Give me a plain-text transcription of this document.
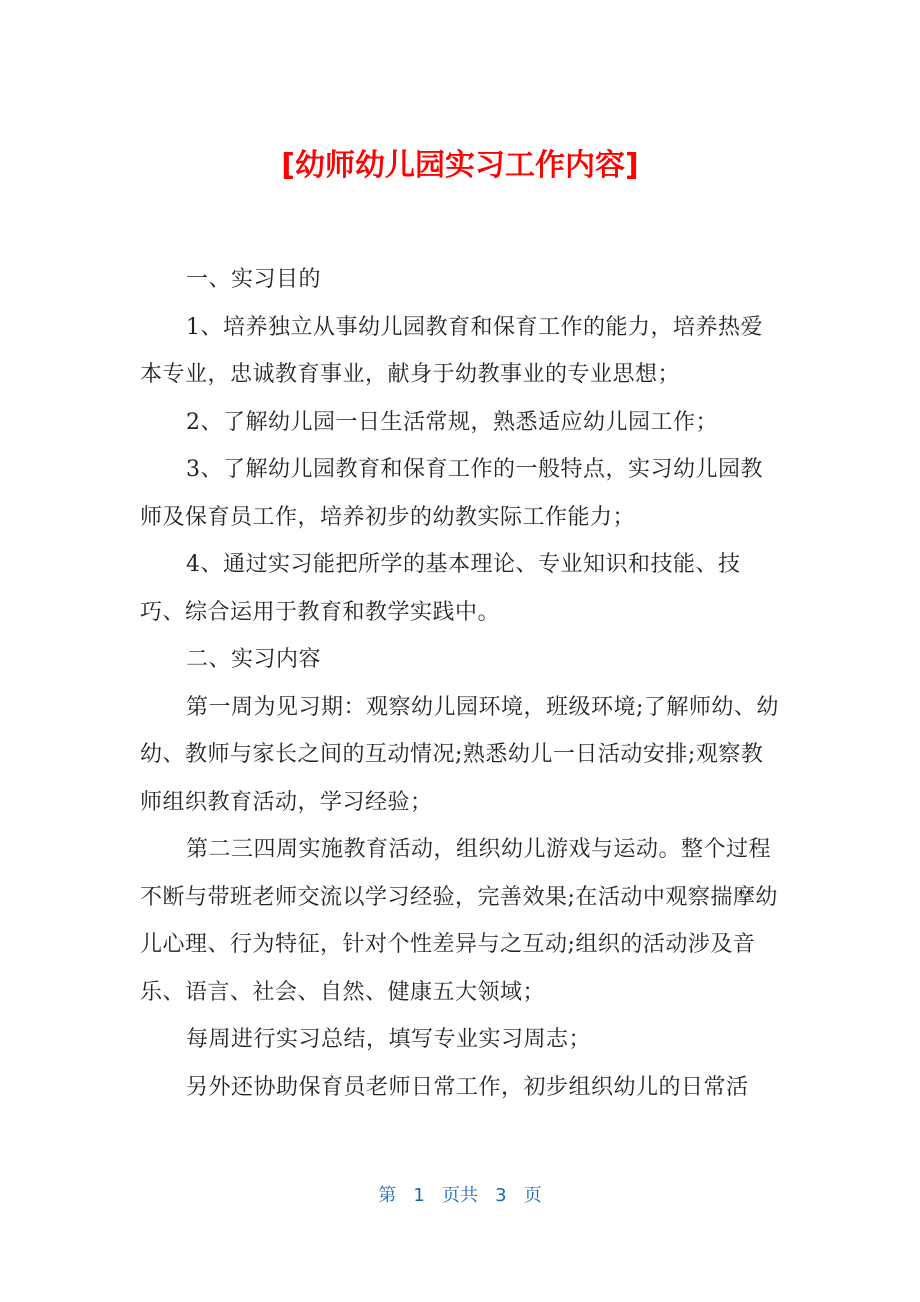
[幼师幼儿园实习工作内容]

一、实习目的

1、培养独立从事幼儿园教育和保育工作的能力，培养热爱本专业，忠诚教育事业，献身于幼教事业的专业思想；

2、了解幼儿园一日生活常规，熟悉适应幼儿园工作；

3、了解幼儿园教育和保育工作的一般特点，实习幼儿园教师及保育员工作，培养初步的幼教实际工作能力；

4、通过实习能把所学的基本理论、专业知识和技能、技巧、综合运用于教育和教学实践中。

二、实习内容

第一周为见习期：观察幼儿园环境，班级环境;了解师幼、幼幼、教师与家长之间的互动情况;熟悉幼儿一日活动安排;观察教师组织教育活动，学习经验；

第二三四周实施教育活动，组织幼儿游戏与运动。整个过程不断与带班老师交流以学习经验，完善效果;在活动中观察揣摩幼儿心理、行为特征，针对个性差异与之互动;组织的活动涉及音乐、语言、社会、自然、健康五大领域；

每周进行实习总结，填写专业实习周志；

另外还协助保育员老师日常工作，初步组织幼儿的日常活

第 1 页共 3 页
